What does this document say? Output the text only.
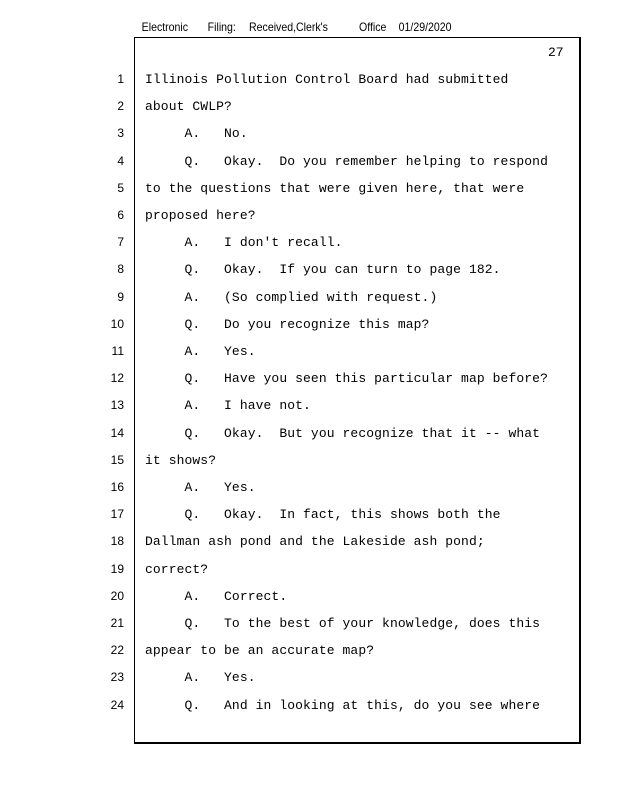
Electronic Filing: Received,Clerk's	Office 01/29/2020
27
1 Illinois Pollution Control Board had submitted
2 about CWLP?
3 A.   No.
4 Q.   Okay.  Do you remember helping to respond
5 to the questions that were given here, that were
6 proposed here?
7 A.   I don't recall.
8 Q.   Okay.  If you can turn to page 182.
9 A.   (So complied with request.)
10 Q.   Do you recognize this map?
11 A.   Yes.
12 Q.   Have you seen this particular map before?
13 A.   I have not.
14 Q.   Okay.  But you recognize that it -- what
15 it shows?
16 A.   Yes.
17 Q.   Okay.  In fact, this shows both the
18 Dallman ash pond and the Lakeside ash pond;
19 correct?
20 A.   Correct.
21 Q.   To the best of your knowledge, does this
22 appear to be an accurate map?
23 A.   Yes.
24 Q.   And in looking at this, do you see where
